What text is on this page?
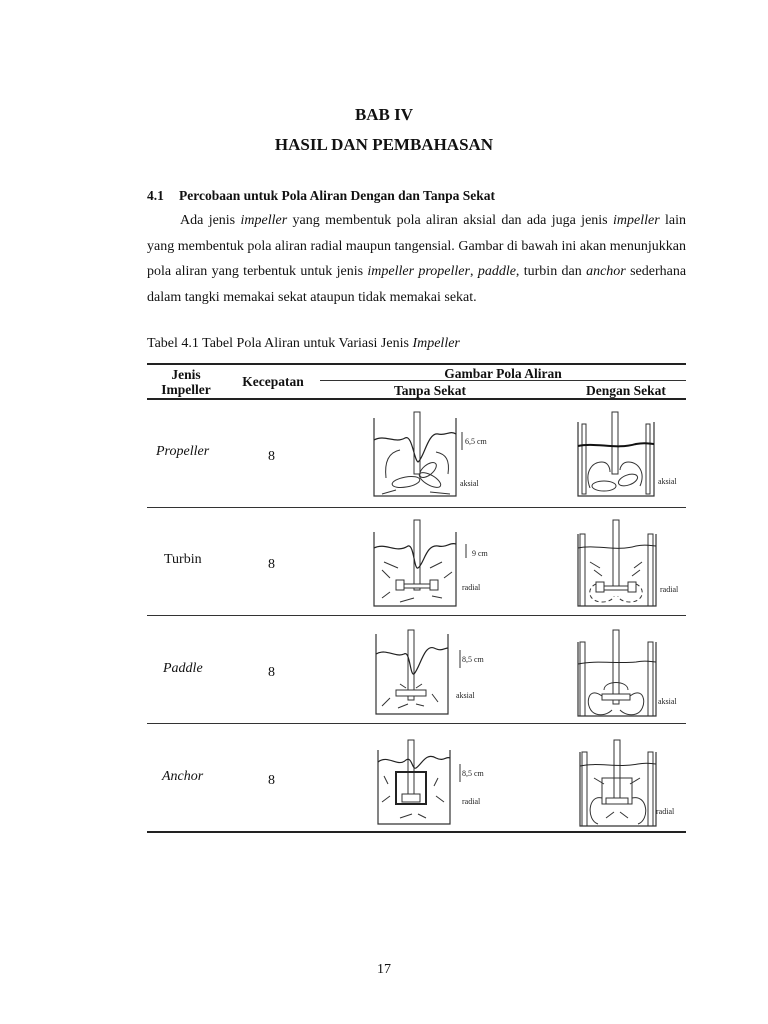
BAB IV
HASIL DAN PEMBAHASAN
4.1 Percobaan untuk Pola Aliran Dengan dan Tanpa Sekat

Ada jenis impeller yang membentuk pola aliran aksial dan ada juga jenis impeller lain yang membentuk pola aliran radial maupun tangensial. Gambar di bawah ini akan menunjukkan pola aliran yang terbentuk untuk jenis impeller propeller, paddle, turbin dan anchor sederhana dalam tangki memakai sekat ataupun tidak memakai sekat.

Tabel 4.1 Tabel Pola Aliran untuk Variasi Jenis Impeller
Jenis
Impeller
Kecepatan
Gambar Pola Aliran
Tanpa Sekat	Dengan Sekat
Propeller	8
Turbin	8
Paddle	8
Anchor	8
6,5 cm
aksial	aksial
9 cm
radial	radial
8,5 cm
aksial
aksial
8,5 cm
radial
radial
17
